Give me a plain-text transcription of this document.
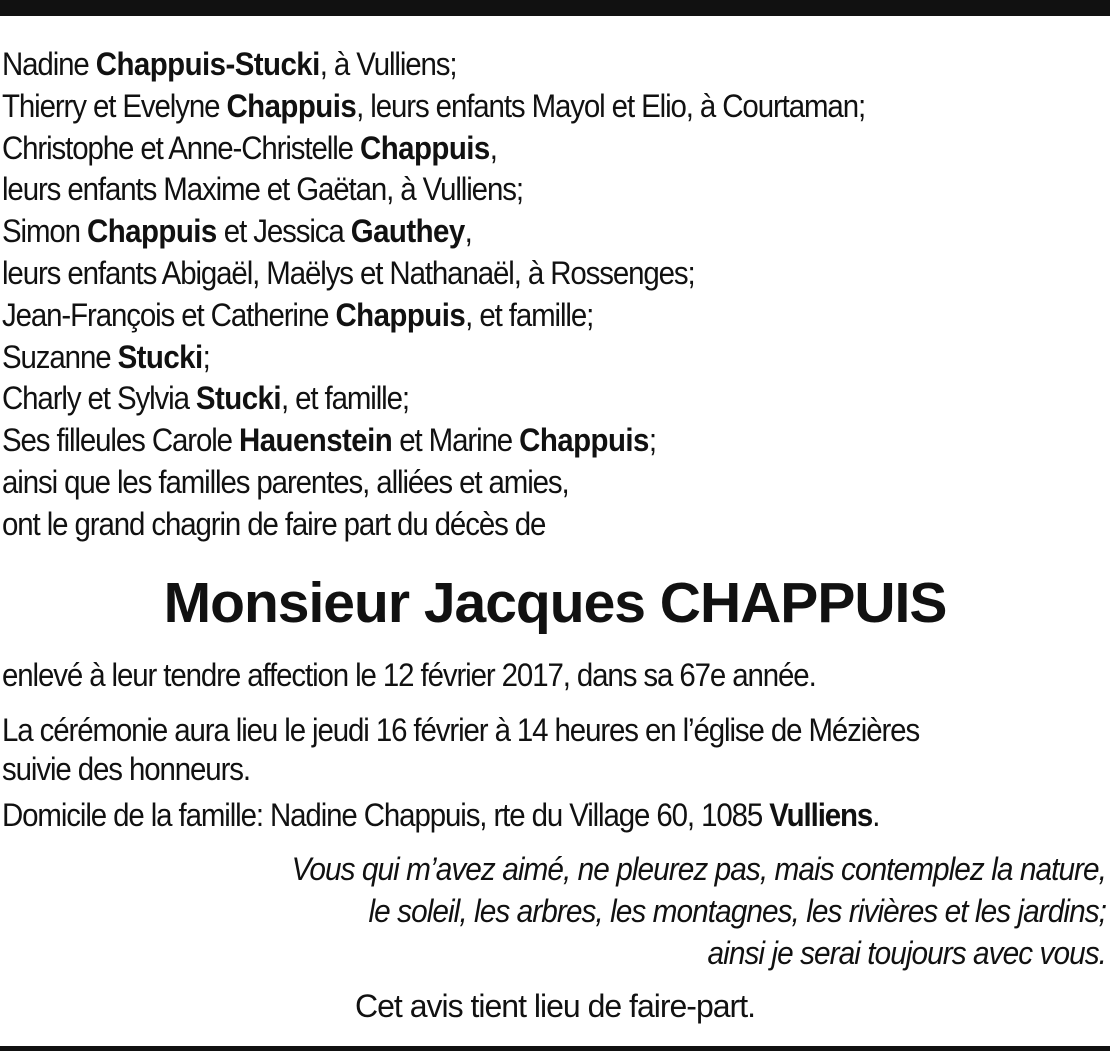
Nadine Chappuis-Stucki, à Vulliens;
Thierry et Evelyne Chappuis, leurs enfants Mayol et Elio, à Courtaman;
Christophe et Anne-Christelle Chappuis,
leurs enfants Maxime et Gaëtan, à Vulliens;
Simon Chappuis et Jessica Gauthey,
leurs enfants Abigaël, Maëlys et Nathanaël, à Rossenges;
Jean-François et Catherine Chappuis, et famille;
Suzanne Stucki;
Charly et Sylvia Stucki, et famille;
Ses filleules Carole Hauenstein et Marine Chappuis;
ainsi que les familles parentes, alliées et amies,
ont le grand chagrin de faire part du décès de
Monsieur Jacques CHAPPUIS
enlevé à leur tendre affection le 12 février 2017, dans sa 67e année.
La cérémonie aura lieu le jeudi 16 février à 14 heures en l’église de Mézières
suivie des honneurs.
Domicile de la famille: Nadine Chappuis, rte du Village 60, 1085 Vulliens.
Vous qui m’avez aimé, ne pleurez pas, mais contemplez la nature,
le soleil, les arbres, les montagnes, les rivières et les jardins;
ainsi je serai toujours avec vous.
Cet avis tient lieu de faire-part.
